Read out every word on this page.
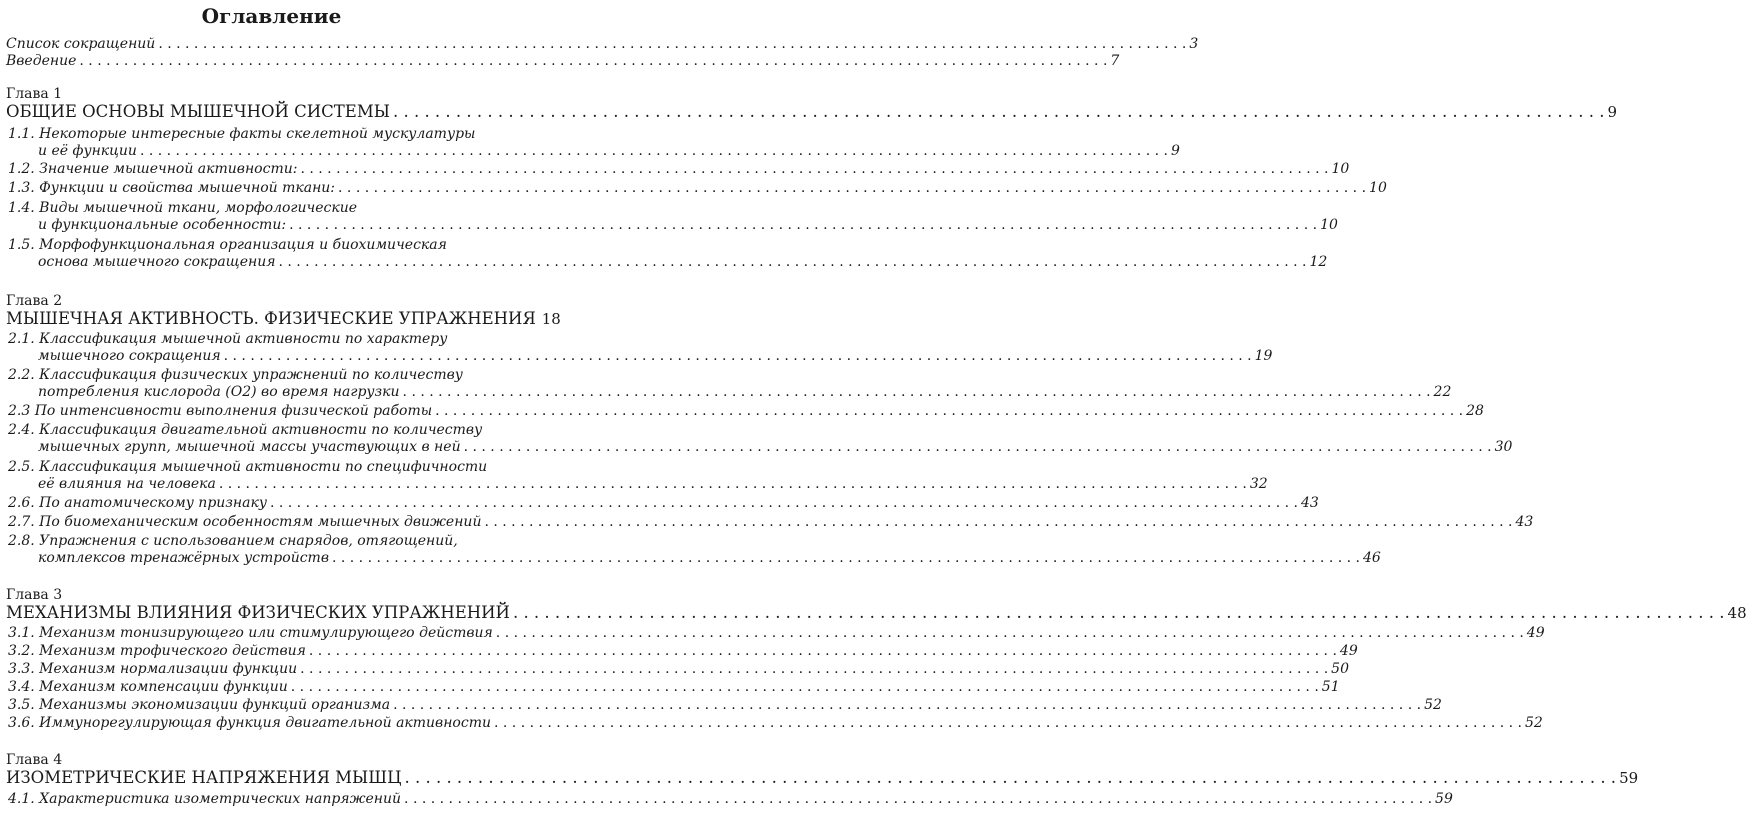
Оглавление
Список сокращений . . .	3
Введение . . .	7
Глава 1
ОБЩИЕ ОСНОВЫ МЫШЕЧНОЙ СИСТЕМЫ . . .	9
1.1. Некоторые интересные факты скелетной мускулатуры
и её функции . . .	9
1.2. Значение мышечной активности: . . .	10
1.3. Функции и свойства мышечной ткани: . . .	10
1.4. Виды мышечной ткани, морфологические
и функциональные особенности: . . .	10
1.5. Морфофункциональная организация и биохимическая
основа мышечного сокращения . . .	12
Глава 2
МЫШЕЧНАЯ АКТИВНОСТЬ. ФИЗИЧЕСКИЕ УПРАЖНЕНИЯ 18
2.1. Классификация мышечной активности по характеру
мышечного сокращения . . .	19
2.2. Классификация физических упражнений по количеству
потребления кислорода (О2) во время нагрузки . . .	22
2.3 По интенсивности выполнения физической работы . . .	28
2.4. Классификация двигательной активности по количеству
мышечных групп, мышечной массы участвующих в ней . . .	30
2.5. Классификация мышечной активности по специфичности
её влияния на человека . . .	32
2.6. По анатомическому признаку . . .	43
2.7. По биомеханическим особенностям мышечных движений . . .	43
2.8. Упражнения с использованием снарядов, отягощений,
комплексов тренажёрных устройств . . .	46
Глава 3
МЕХАНИЗМЫ ВЛИЯНИЯ ФИЗИЧЕСКИХ УПРАЖНЕНИЙ . . .	48
3.1. Механизм тонизирующего или стимулирующего действия . . .	49
3.2. Механизм трофического действия . . .	49
3.3. Механизм нормализации функции . . .	50
3.4. Механизм компенсации функции . . .	51
3.5. Механизмы экономизации функций организма . . .	52
3.6. Иммунорегулирующая функция двигательной активности . . .	52
Глава 4
ИЗОМЕТРИЧЕСКИЕ НАПРЯЖЕНИЯ МЫШЦ . . .	59
4.1. Характеристика изометрических напряжений . . .	59
